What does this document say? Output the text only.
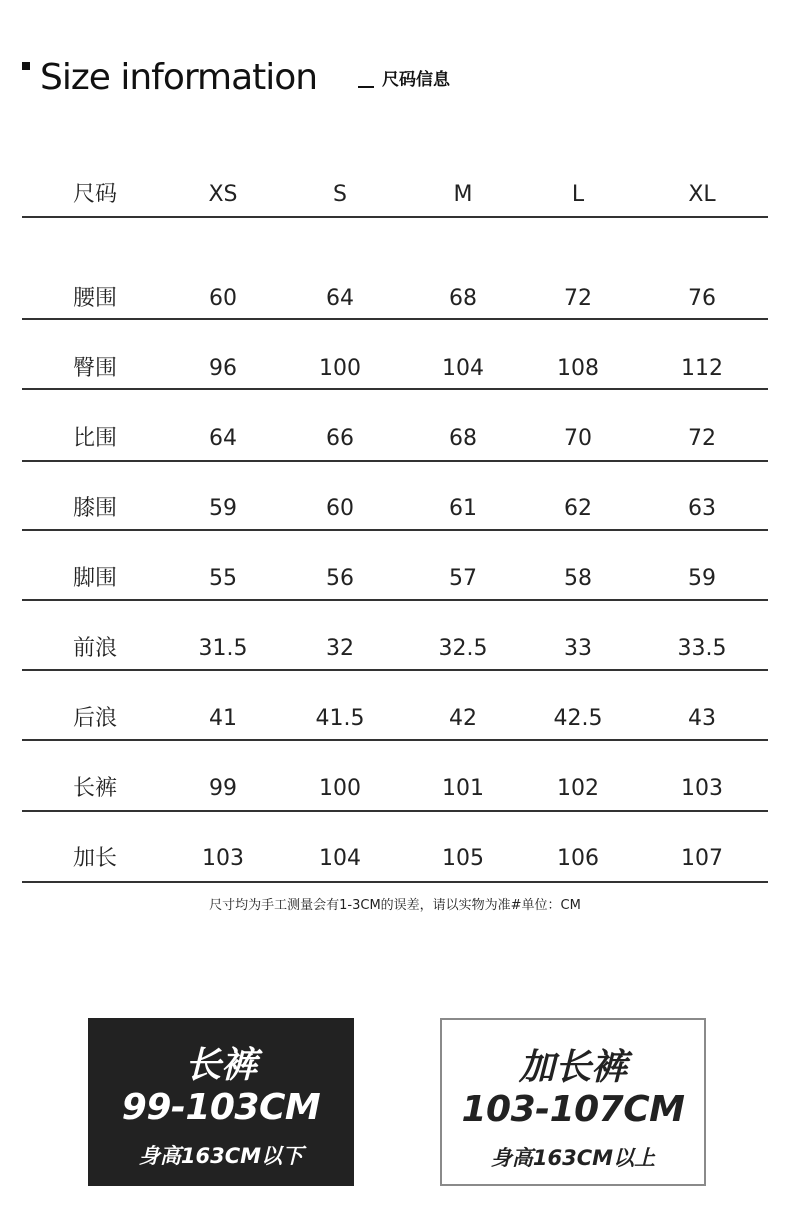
Size information	尺码信息
尺码	XS	S	M	L	XL
腰围	60	64	68	72	76
臀围	96	100	104	108	112
比围	64	66	68	70	72
膝围	59	60	61	62	63
脚围	55	56	57	58	59
前浪	31.5	32	32.5	33	33.5
后浪	41	41.5	42	42.5	43
长裤	99	100	101	102	103
加长	103	104	105	106	107
尺寸均为手工测量会有1-3CM的误差，请以实物为准#单位：CM
长裤
99-103CM
身高163CM以下
加长裤
103-107CM
身高163CM以上
